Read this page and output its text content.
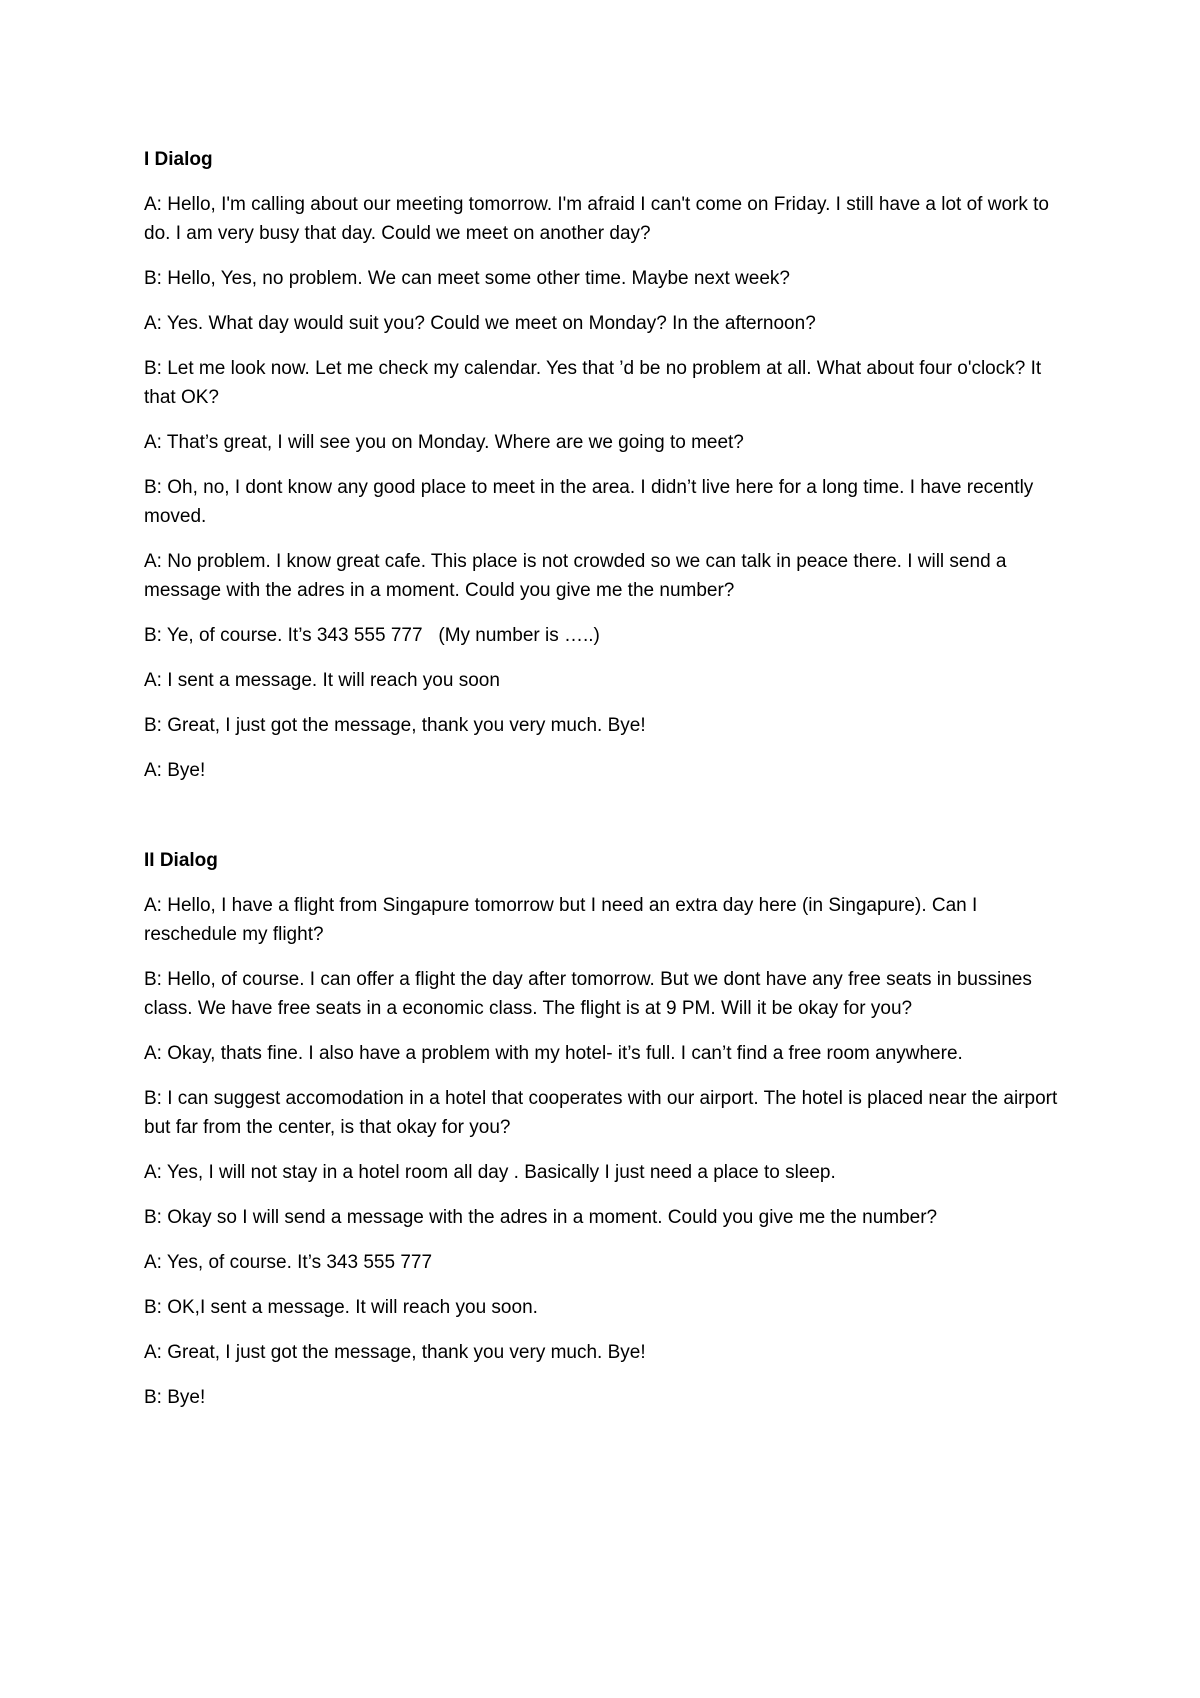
I Dialog

A: Hello, I'm calling about our meeting tomorrow. I'm afraid I can't come on Friday. I still have a lot of work to do. I am very busy that day. Could we meet on another day?

B: Hello, Yes, no problem. We can meet some other time. Maybe next week?

A: Yes. What day would suit you? Could we meet on Monday? In the afternoon?

B: Let me look now. Let me check my calendar. Yes that ’d be no problem at all. What about four o'clock? It that OK?

A: That’s great, I will see you on Monday. Where are we going to meet?

B: Oh, no, I dont know any good place to meet in the area. I didn’t live here for a long time. I have recently moved.

A: No problem. I know great cafe. This place is not crowded so we can talk in peace there. I will send a message with the adres in a moment. Could you give me the number?

B: Ye, of course. It’s 343 555 777   (My number is …..)

A: I sent a message. It will reach you soon

B: Great, I just got the message, thank you very much. Bye!

A: Bye!

II Dialog

A: Hello, I have a flight from Singapure tomorrow but I need an extra day here (in Singapure). Can I reschedule my flight?

B: Hello, of course. I can offer a flight the day after tomorrow. But we dont have any free seats in bussines class. We have free seats in a economic class. The flight is at 9 PM. Will it be okay for you?

A: Okay, thats fine. I also have a problem with my hotel- it’s full. I can’t find a free room anywhere.

B: I can suggest accomodation in a hotel that cooperates with our airport. The hotel is placed near the airport but far from the center, is that okay for you?

A: Yes, I will not stay in a hotel room all day . Basically I just need a place to sleep.

B: Okay so I will send a message with the adres in a moment. Could you give me the number?

A: Yes, of course. It’s 343 555 777

B: OK,I sent a message. It will reach you soon.

A: Great, I just got the message, thank you very much. Bye!

B: Bye!
